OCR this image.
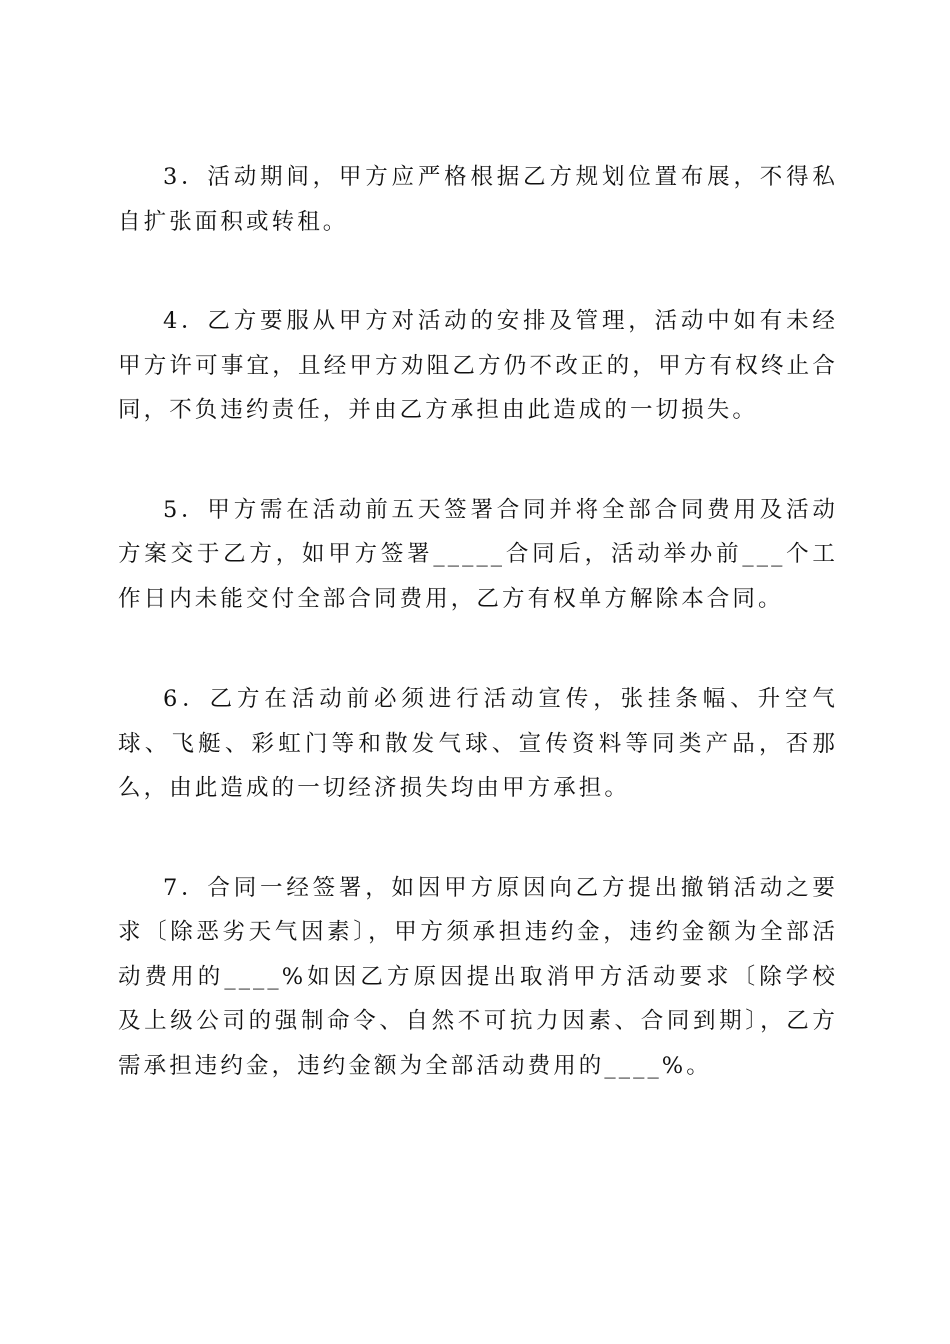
3．活动期间，甲方应严格根据乙方规划位置布展，不得私自扩张面积或转租。

4．乙方要服从甲方对活动的安排及管理，活动中如有未经甲方许可事宜，且经甲方劝阻乙方仍不改正的，甲方有权终止合同，不负违约责任，并由乙方承担由此造成的一切损失。

5．甲方需在活动前五天签署合同并将全部合同费用及活动方案交于乙方，如甲方签署_____合同后，活动举办前___个工作日内未能交付全部合同费用，乙方有权单方解除本合同。

6．乙方在活动前必须进行活动宣传，张挂条幅、升空气球、飞艇、彩虹门等和散发气球、宣传资料等同类产品，否那么，由此造成的一切经济损失均由甲方承担。

7．合同一经签署，如因甲方原因向乙方提出撤销活动之要求〔除恶劣天气因素〕，甲方须承担违约金，违约金额为全部活动费用的____%如因乙方原因提出取消甲方活动要求〔除学校及上级公司的强制命令、自然不可抗力因素、合同到期〕，乙方需承担违约金，违约金额为全部活动费用的____%。
